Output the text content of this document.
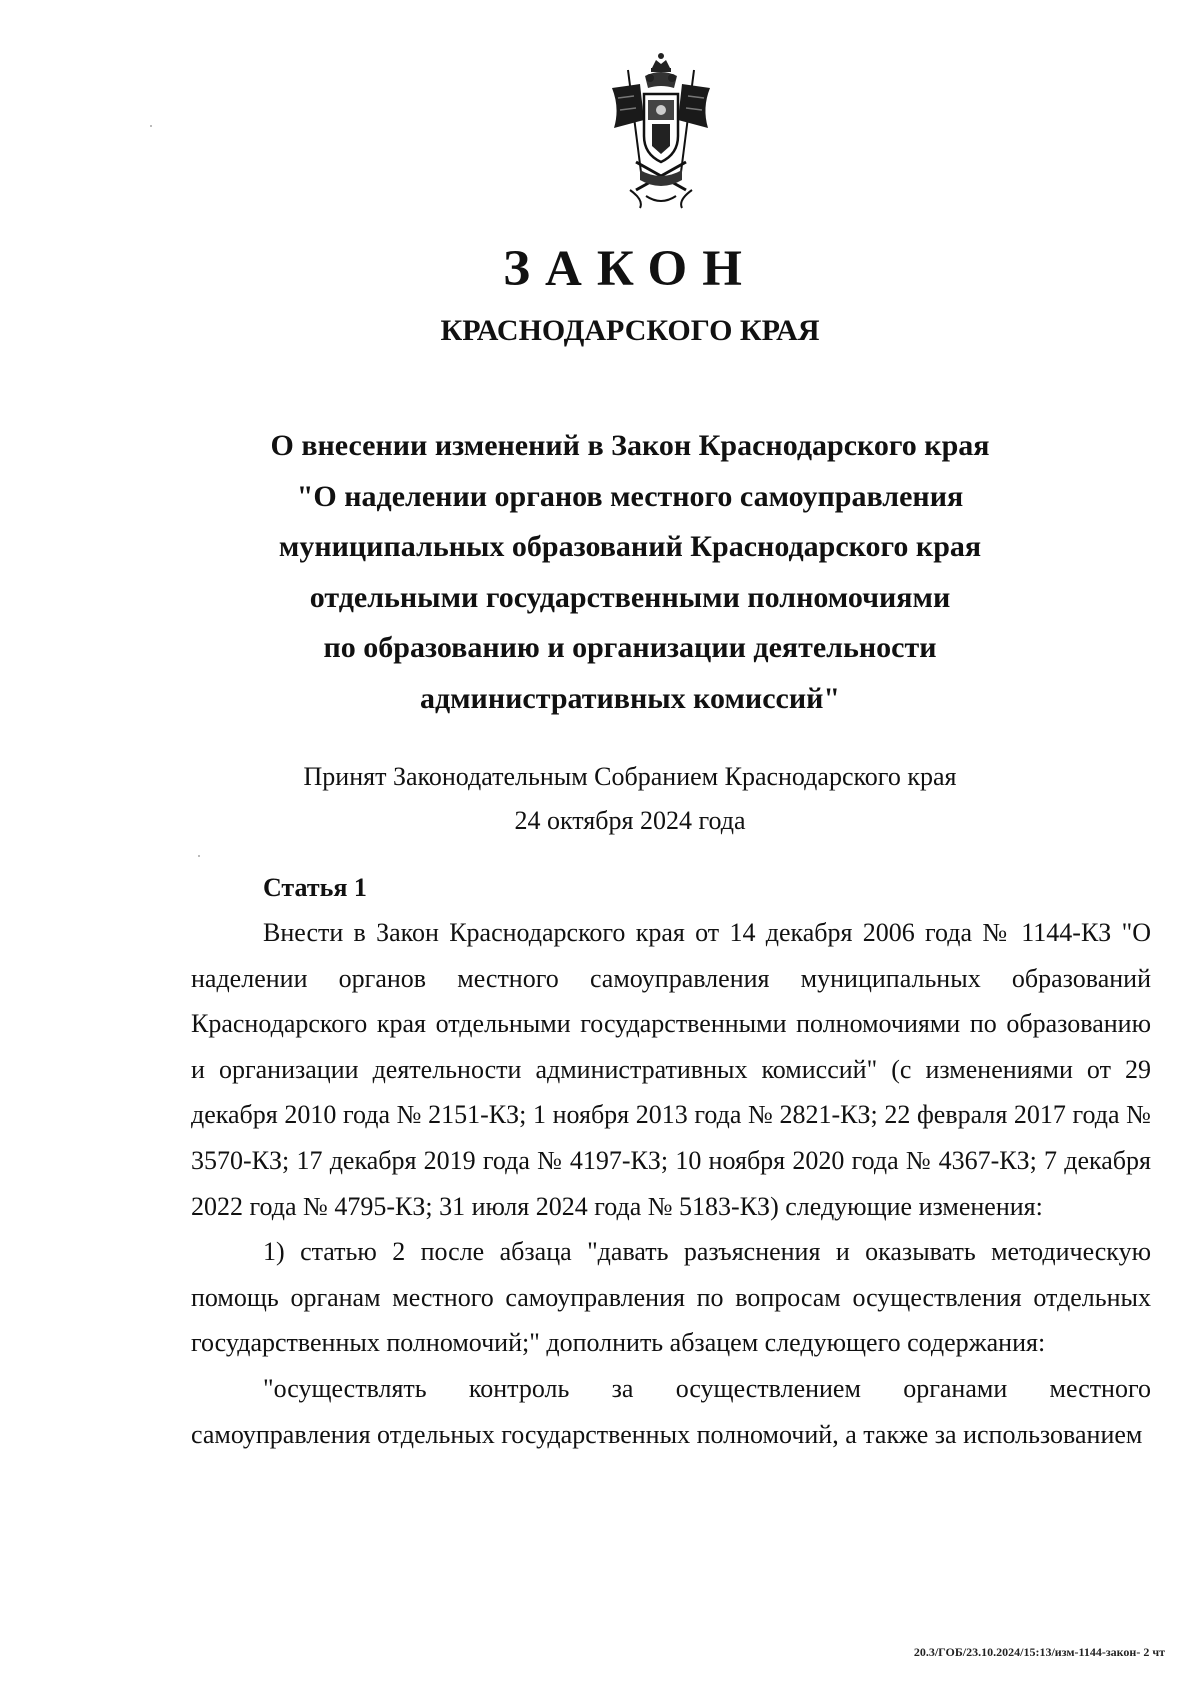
ЗАКОН
КРАСНОДАРСКОГО КРАЯ
О внесении изменений в Закон Краснодарского края
"О наделении органов местного самоуправления
муниципальных образований Краснодарского края
отдельными государственными полномочиями
по образованию и организации деятельности
административных комиссий"
Принят Законодательным Собранием Краснодарского края
24 октября 2024 года
Статья 1

Внести в Закон Краснодарского края от 14 декабря 2006 года № 1144-КЗ "О наделении органов местного самоуправления муниципальных образований Краснодарского края отдельными государственными полномочиями по образованию и организации деятельности административных комиссий" (с изменениями от 29 декабря 2010 года № 2151-КЗ; 1 ноября 2013 года № 2821-КЗ; 22 февраля 2017 года № 3570-КЗ; 17 декабря 2019 года № 4197-КЗ; 10 ноября 2020 года № 4367-КЗ; 7 декабря 2022 года № 4795-КЗ; 31 июля 2024 года № 5183-КЗ) следующие изменения:

1) статью 2 после абзаца "давать разъяснения и оказывать методическую помощь органам местного самоуправления по вопросам осуществления отдельных государственных полномочий;" дополнить абзацем следующего содержания:

"осуществлять контроль за осуществлением органами местного самоуправления отдельных государственных полномочий, а также за использованием

20.3/ГОБ/23.10.2024/15:13/изм-1144-закон- 2 чт
